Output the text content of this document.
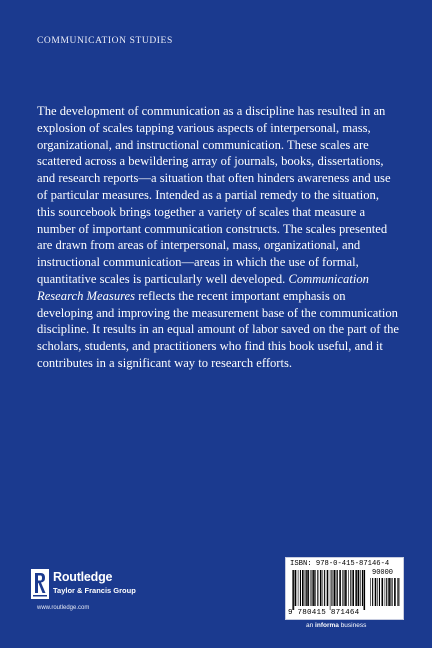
COMMUNICATION STUDIES

The development of communication as a discipline has resulted in an explosion of scales tapping various aspects of interpersonal, mass, organizational, and instructional communication. These scales are scattered across a bewildering array of journals, books, dissertations, and research reports—a situation that often hinders awareness and use of particular measures. Intended as a partial remedy to the situation, this sourcebook brings together a variety of scales that measure a number of important communication constructs. The scales presented are drawn from areas of interpersonal, mass, organizational, and instructional communication—areas in which the use of formal, quantitative scales is particularly well developed. Communication Research Measures reflects the recent important emphasis on developing and improving the measurement base of the communication discipline. It results in an equal amount of labor saved on the part of the scholars, students, and practitioners who find this book useful, and it contributes in a significant way to research efforts.

Routledge
Taylor & Francis Group
www.routledge.com
ISBN: 978-0-415-87146-4
90000
9 780415 871464
an informa business
